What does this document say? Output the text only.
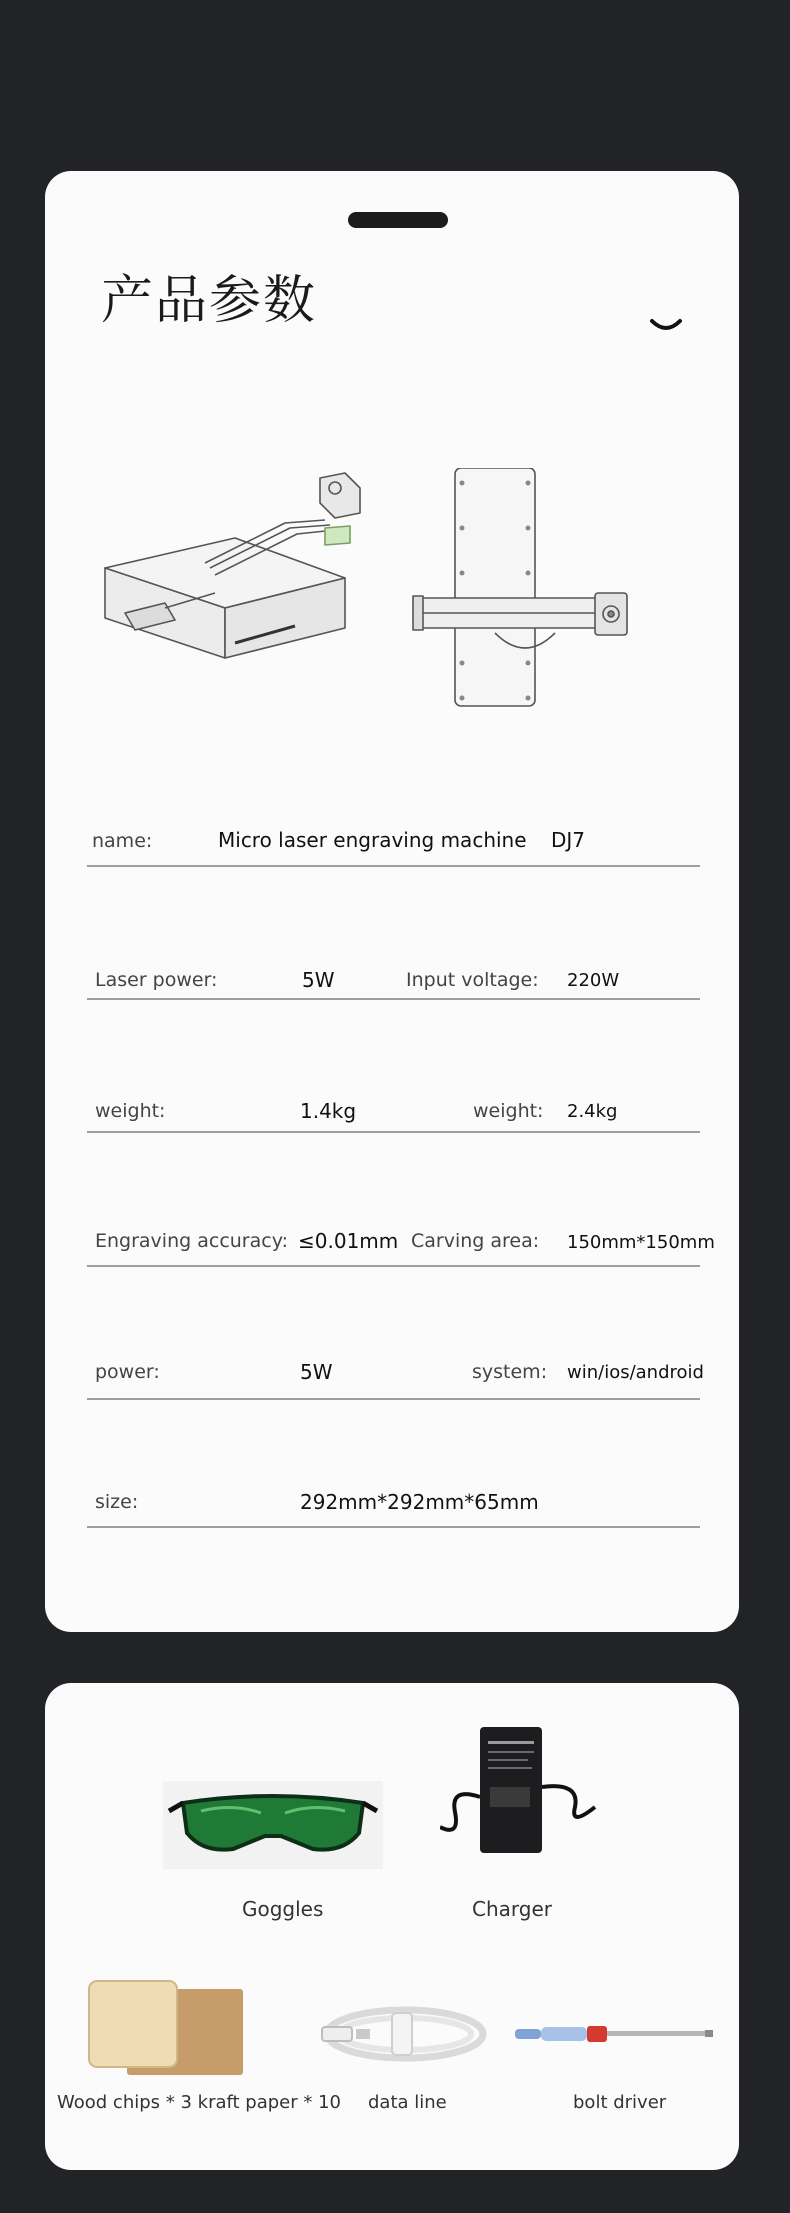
产品参数
name:	Micro laser engraving machine DJ7
Laser power:	5W	Input voltage: 220W
weight:	1.4kg	weight: 2.4kg
Engraving accuracy: ≤0.01mm Carving area: 150mm*150mm
power:	5W	system: win/ios/android
size:	292mm*292mm*65mm
Goggles	Charger
Wood chips * 3 kraft paper * 10 data line	bolt driver
